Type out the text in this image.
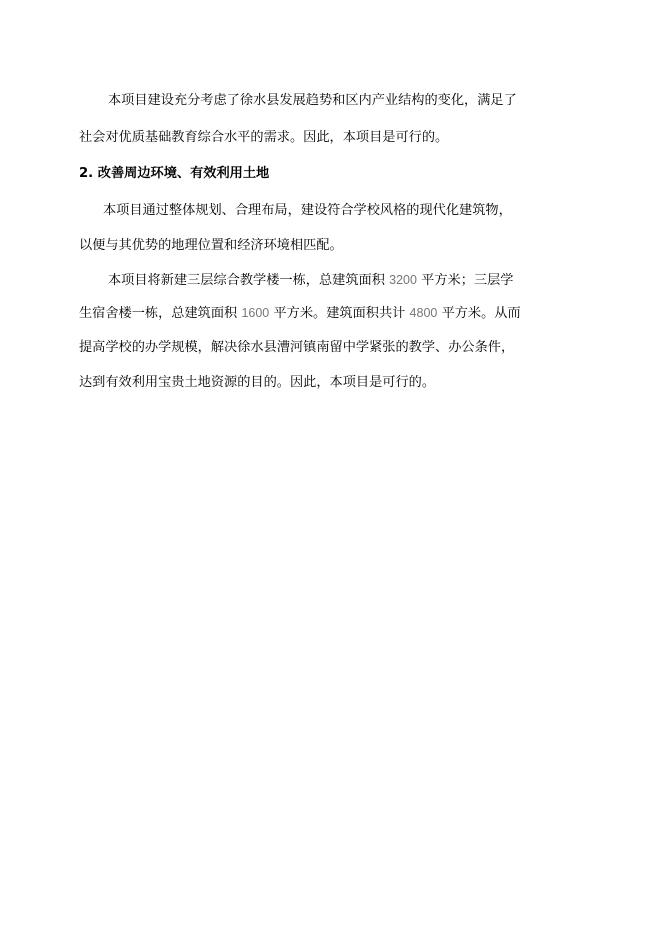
本项目建设充分考虑了徐水县发展趋势和区内产业结构的变化，满足了
社会对优质基础教育综合水平的需求。因此，本项目是可行的。
2. 改善周边环境、有效利用土地
本项目通过整体规划、合理布局，建设符合学校风格的现代化建筑物，
以便与其优势的地理位置和经济环境相匹配。
本项目将新建三层综合教学楼一栋，总建筑面积 3200 平方米；三层学
生宿舍楼一栋，总建筑面积 1600 平方米。建筑面积共计 4800 平方米。从而
提高学校的办学规模，解决徐水县漕河镇南留中学紧张的教学、办公条件，
达到有效利用宝贵土地资源的目的。因此，本项目是可行的。
